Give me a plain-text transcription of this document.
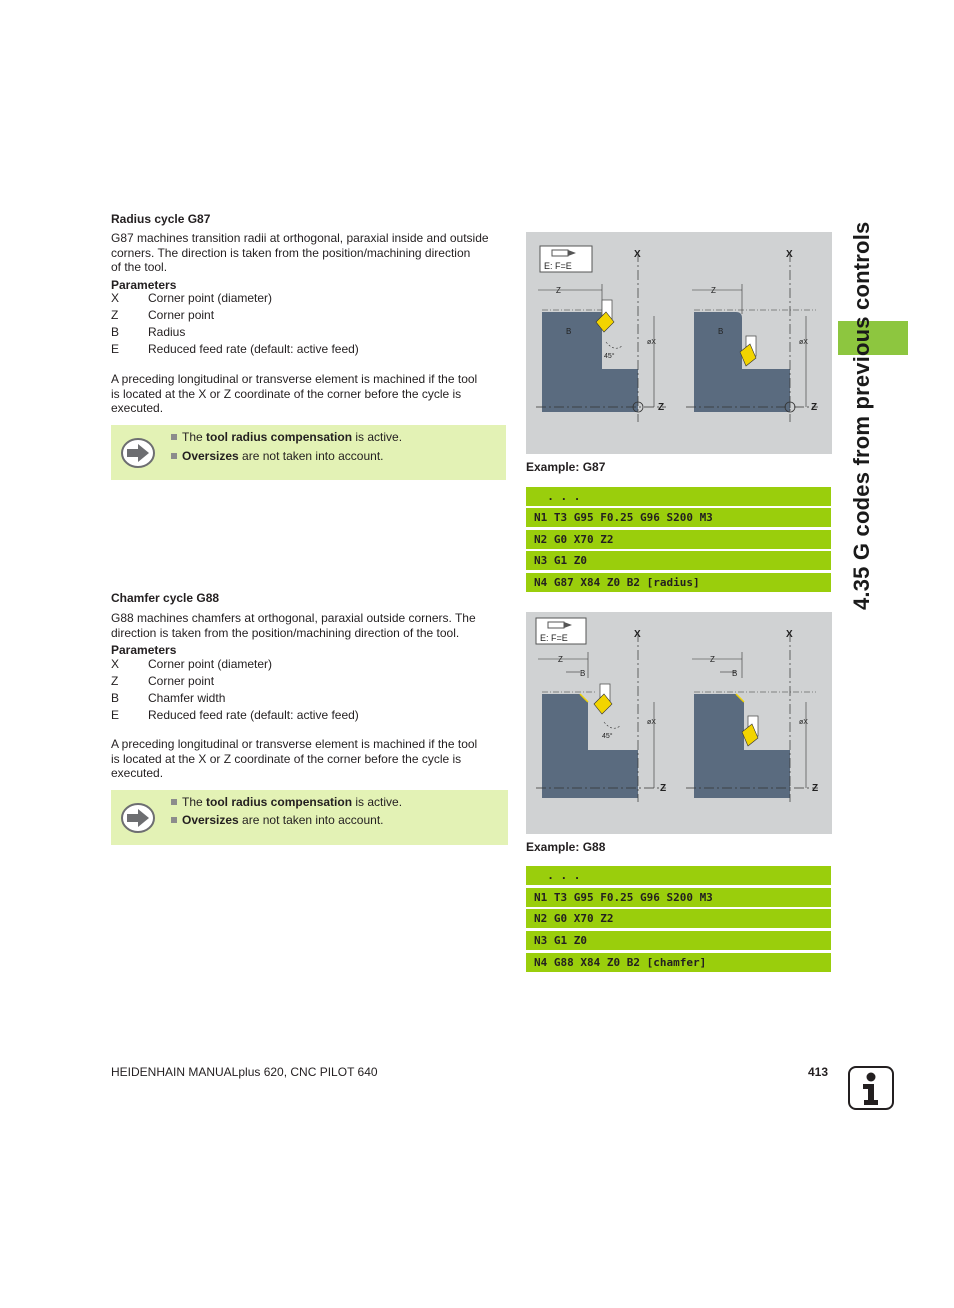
4.35 G codes from previous controls
Radius cycle G87
G87 machines transition radii at orthogonal, paraxial inside and outside
corners. The direction is taken from the position/machining direction
of the tool.
Parameters
X Corner point (diameter)
Z Corner point
B Radius
E Reduced feed rate (default: active feed)
A preceding longitudinal or transverse element is machined if the tool
is located at the X or Z coordinate of the corner before the cycle is
executed.
The tool radius compensation is active.
Oversizes are not taken into account.
E: F=E
Z
X
Z
B
øX
45°
Z
X
Z
B
øX
Example: G87
. . .
N1 T3 G95 F0.25 G96 S200 M3
N2 G0 X70 Z2
N3 G1 Z0
N4 G87 X84 Z0 B2 [radius]
Chamfer cycle G88
G88 machines chamfers at orthogonal, paraxial outside corners. The
direction is taken from the position/machining direction of the tool.
Parameters
X Corner point (diameter)
Z Corner point
B Chamfer width
E Reduced feed rate (default: active feed)
A preceding longitudinal or transverse element is machined if the tool
is located at the X or Z coordinate of the corner before the cycle is
executed.
The tool radius compensation is active.
Oversizes are not taken into account.
E: F=E
Z
B
X
Z
øX
45°
Z
B
X
Z
øX
Example: G88
. . .
N1 T3 G95 F0.25 G96 S200 M3
N2 G0 X70 Z2
N3 G1 Z0
N4 G88 X84 Z0 B2 [chamfer]
HEIDENHAIN MANUALplus 620, CNC PILOT 640	413
